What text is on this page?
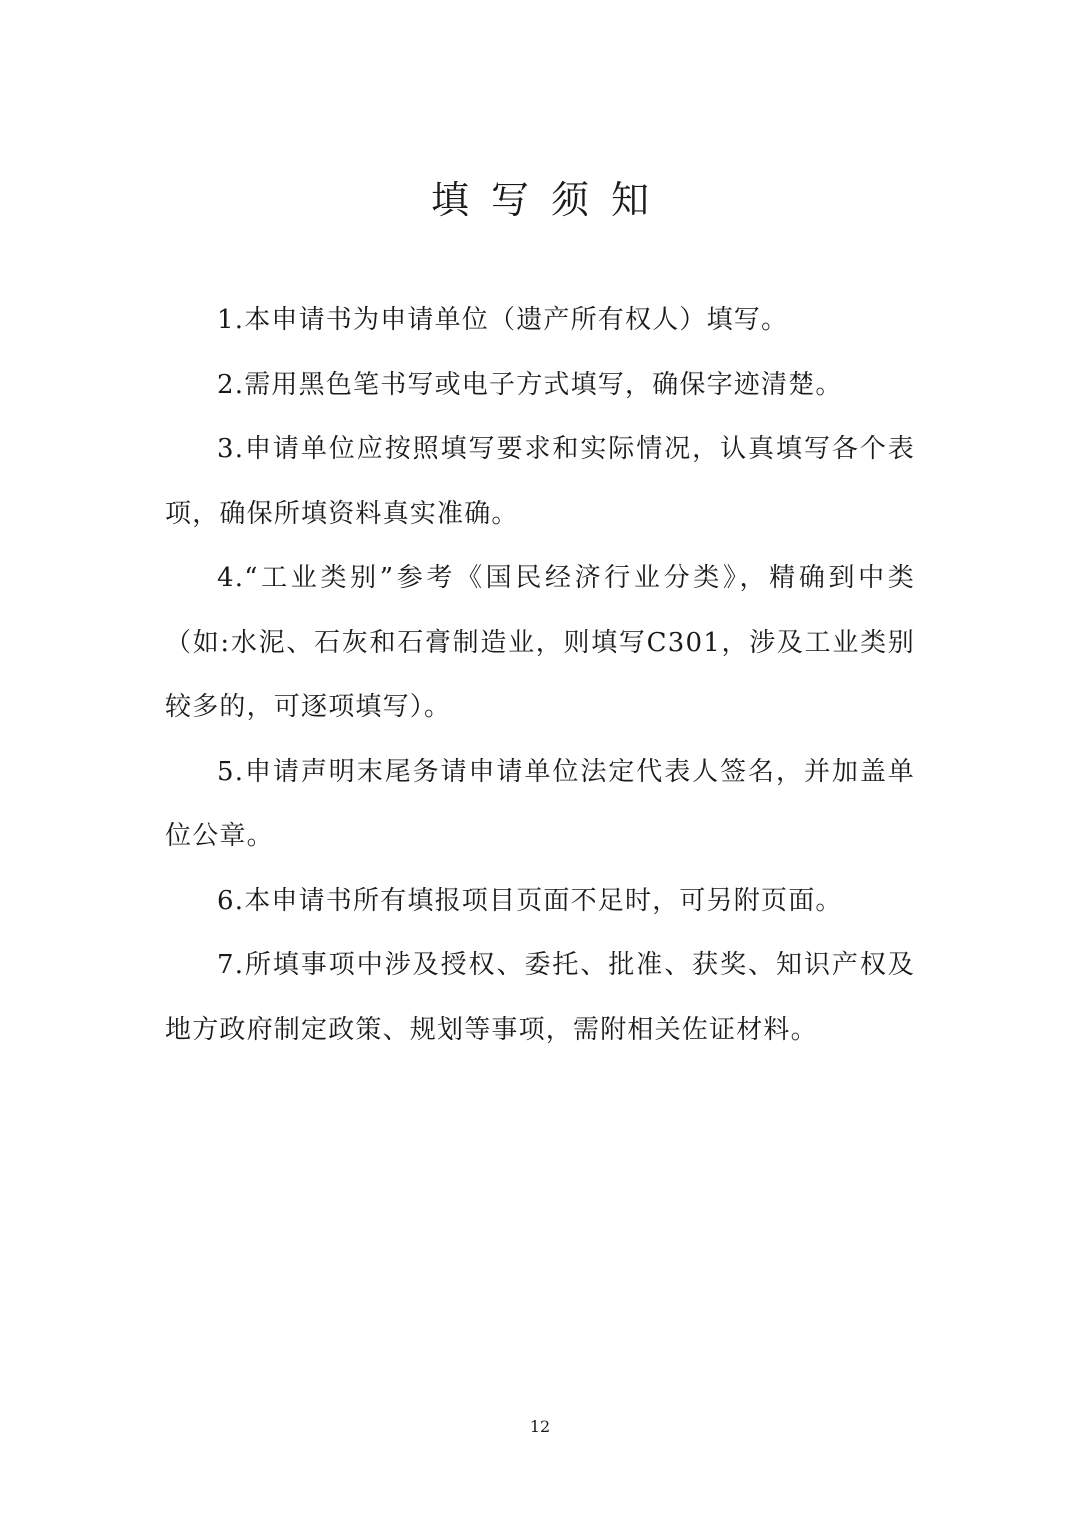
填写须知

1.本申请书为申请单位（遗产所有权人）填写。

2.需用黑色笔书写或电子方式填写，确保字迹清楚。

3.申请单位应按照填写要求和实际情况，认真填写各个表项，确保所填资料真实准确。

4.“工业类别”参考《国民经济行业分类》，精确到中类（如:水泥、石灰和石膏制造业，则填写C301，涉及工业类别较多的，可逐项填写）。

5.申请声明末尾务请申请单位法定代表人签名，并加盖单位公章。

6.本申请书所有填报项目页面不足时，可另附页面。

7.所填事项中涉及授权、委托、批准、获奖、知识产权及地方政府制定政策、规划等事项，需附相关佐证材料。

12
